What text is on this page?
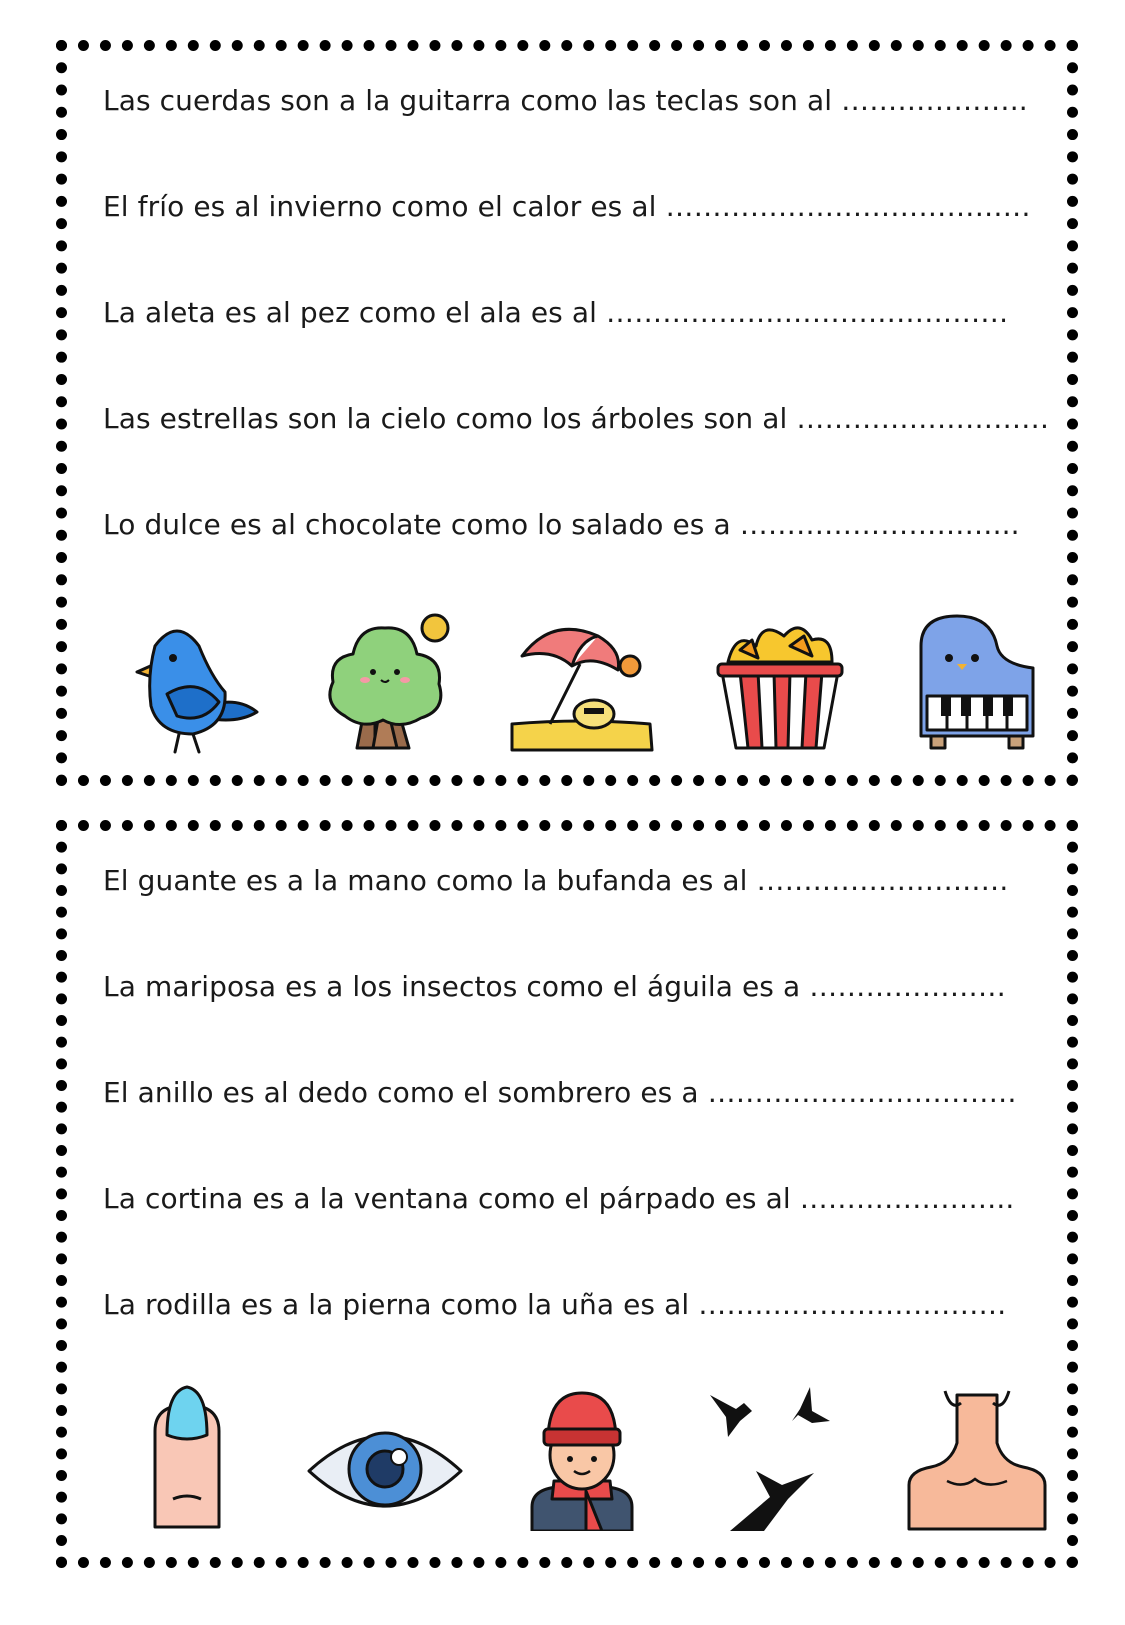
Las cuerdas son a la guitarra como las teclas son al ………………..
El frío es al invierno como el calor es al …………………………………
La aleta es al pez como el ala es al ……………….……………………
Las estrellas son la cielo como los árboles son al ………………………
Lo dulce es al chocolate como lo salado es a ………………………...
El guante es a la mano como la bufanda es al …….…………….….
La mariposa es a los insectos como el águila es a …………………
El anillo es al dedo como el sombrero es a ……………………………
La cortina es a la ventana como el párpado es al …………………..
La rodilla es a la pierna como la uña es al ……..…………………….
